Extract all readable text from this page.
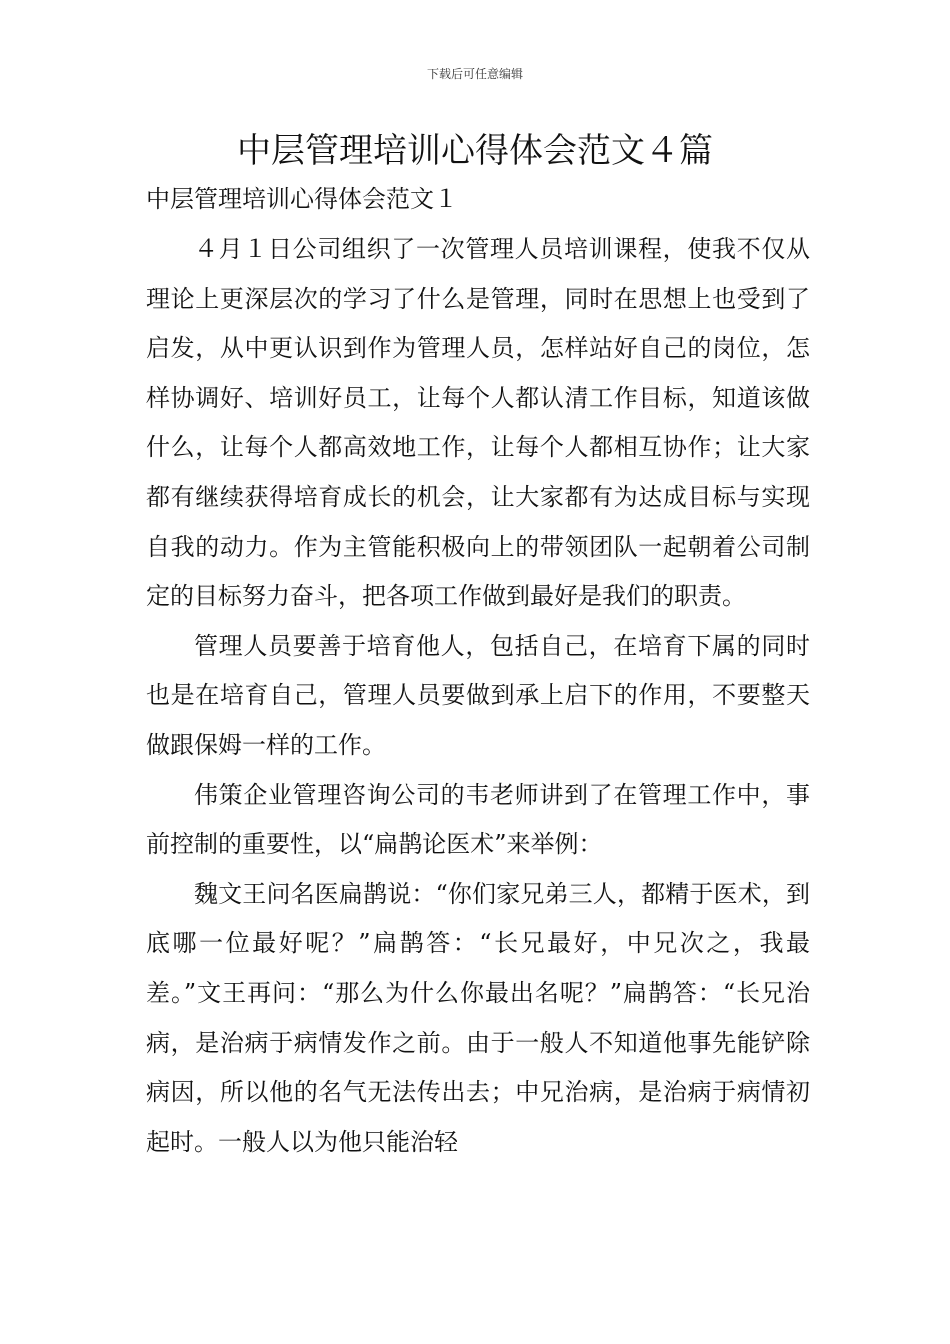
下载后可任意编辑
中层管理培训心得体会范文４篇
中层管理培训心得体会范文１

４月１日公司组织了一次管理人员培训课程，使我不仅从理论上更深层次的学习了什么是管理，同时在思想上也受到了启发，从中更认识到作为管理人员，怎样站好自己的岗位，怎样协调好、培训好员工，让每个人都认清工作目标，知道该做什么，让每个人都高效地工作，让每个人都相互协作；让大家都有继续获得培育成长的机会，让大家都有为达成目标与实现自我的动力。作为主管能积极向上的带领团队一起朝着公司制定的目标努力奋斗，把各项工作做到最好是我们的职责。

管理人员要善于培育他人，包括自己，在培育下属的同时也是在培育自己，管理人员要做到承上启下的作用，不要整天做跟保姆一样的工作。

伟策企业管理咨询公司的韦老师讲到了在管理工作中，事前控制的重要性，以“扁鹊论医术”来举例：

魏文王问名医扁鹊说：“你们家兄弟三人，都精于医术，到底哪一位最好呢？”扁鹊答：“长兄最好，中兄次之，我最差。”文王再问：“那么为什么你最出名呢？”扁鹊答：“长兄治病，是治病于病情发作之前。由于一般人不知道他事先能铲除病因，所以他的名气无法传出去；中兄治病，是治病于病情初起时。一般人以为他只能治轻
